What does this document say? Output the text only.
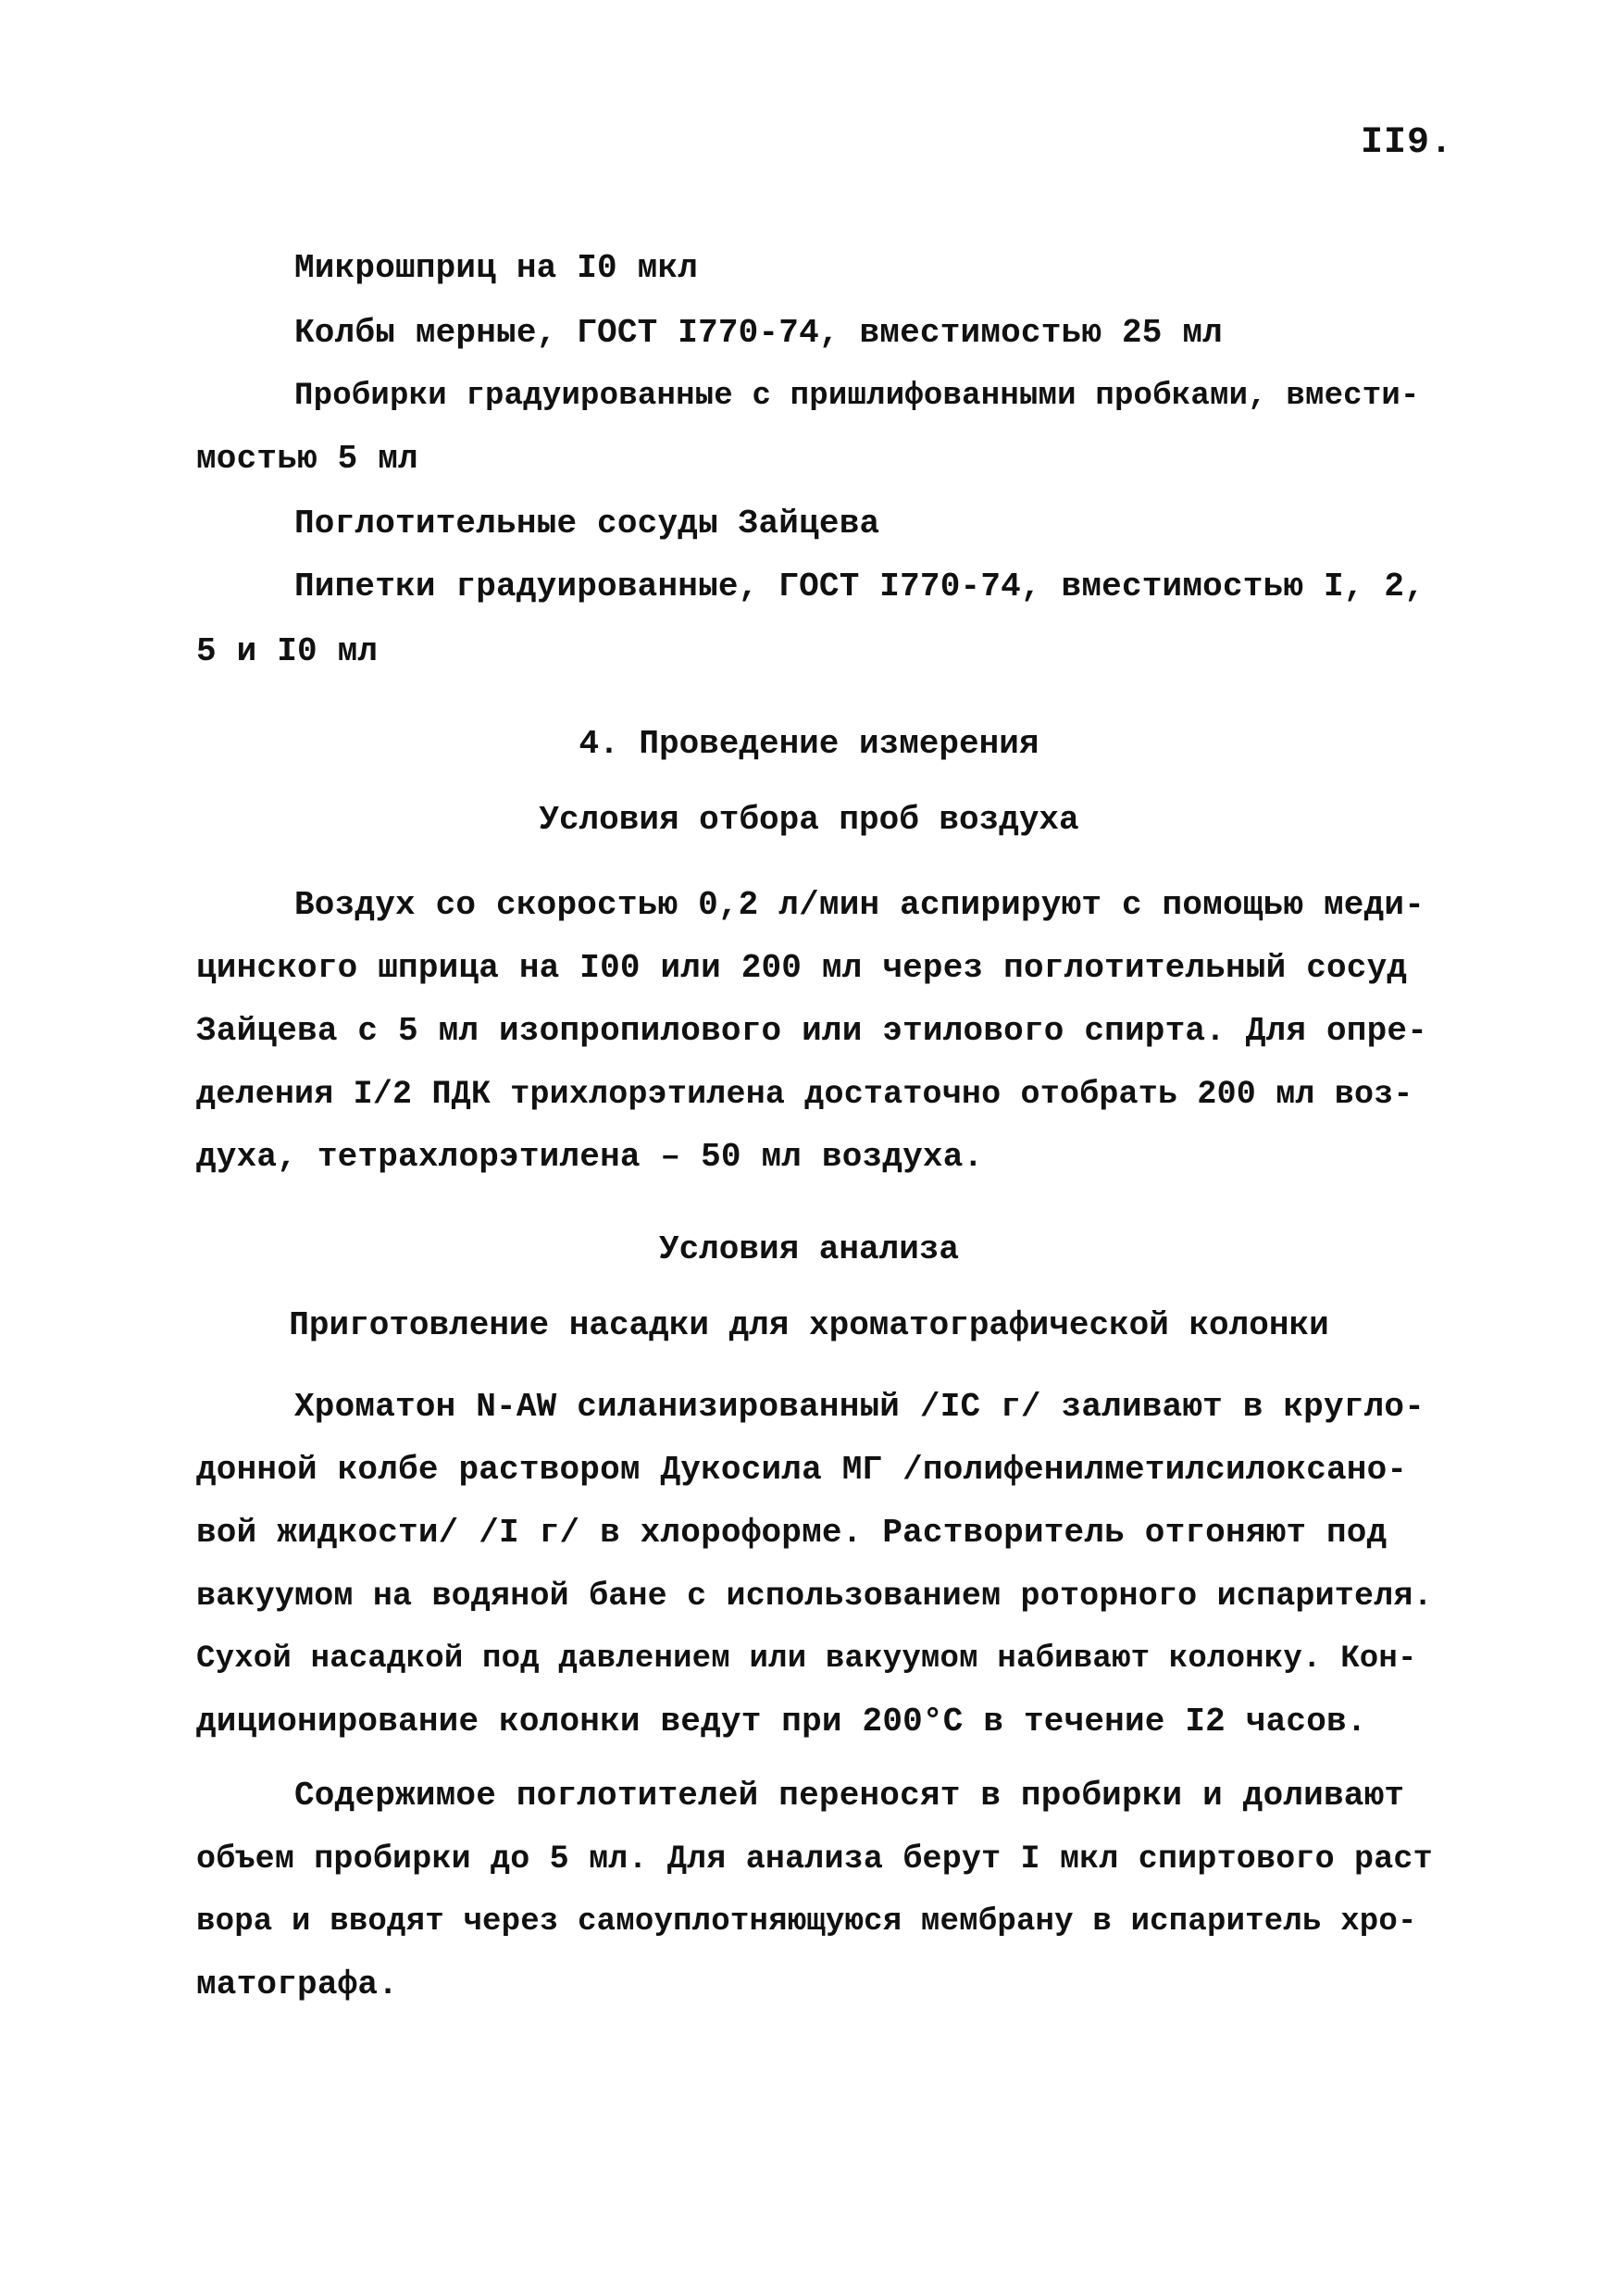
II9.
Микрошприц на I0 мкл
Колбы мерные, ГОСТ I770-74, вместимостью 25 мл
Пробирки градуированные с пришлифованными пробками, вмести-
мостью 5 мл
Поглотительные сосуды Зайцева
Пипетки градуированные, ГОСТ I770-74, вместимостью I, 2,
5 и I0 мл
4. Проведение измерения
Условия отбора проб воздуха
Воздух со скоростью 0,2 л/мин аспирируют с помощью меди-
цинского шприца на I00 или 200 мл через поглотительный сосуд
Зайцева с 5 мл изопропилового или этилового спирта. Для опре-
деления I/2 ПДК трихлорэтилена достаточно отобрать 200 мл воз-
духа, тетрахлорэтилена – 50 мл воздуха.
Условия анализа
Приготовление насадки для хроматографической колонки
Хроматон N-AW силанизированный /IС г/ заливают в кругло-
донной колбе раствором Дукосила МГ /полифенилметилсилоксано-
вой жидкости/ /I г/ в хлороформе. Растворитель отгоняют под
вакуумом на водяной бане с использованием роторного испарителя.
Сухой насадкой под давлением или вакуумом набивают колонку. Кон-
диционирование колонки ведут при 200°С в течение I2 часов.
Содержимое поглотителей переносят в пробирки и доливают
объем пробирки до 5 мл. Для анализа берут I мкл спиртового раст
вора и вводят через самоуплотняющуюся мембрану в испаритель хро-
матографа.
